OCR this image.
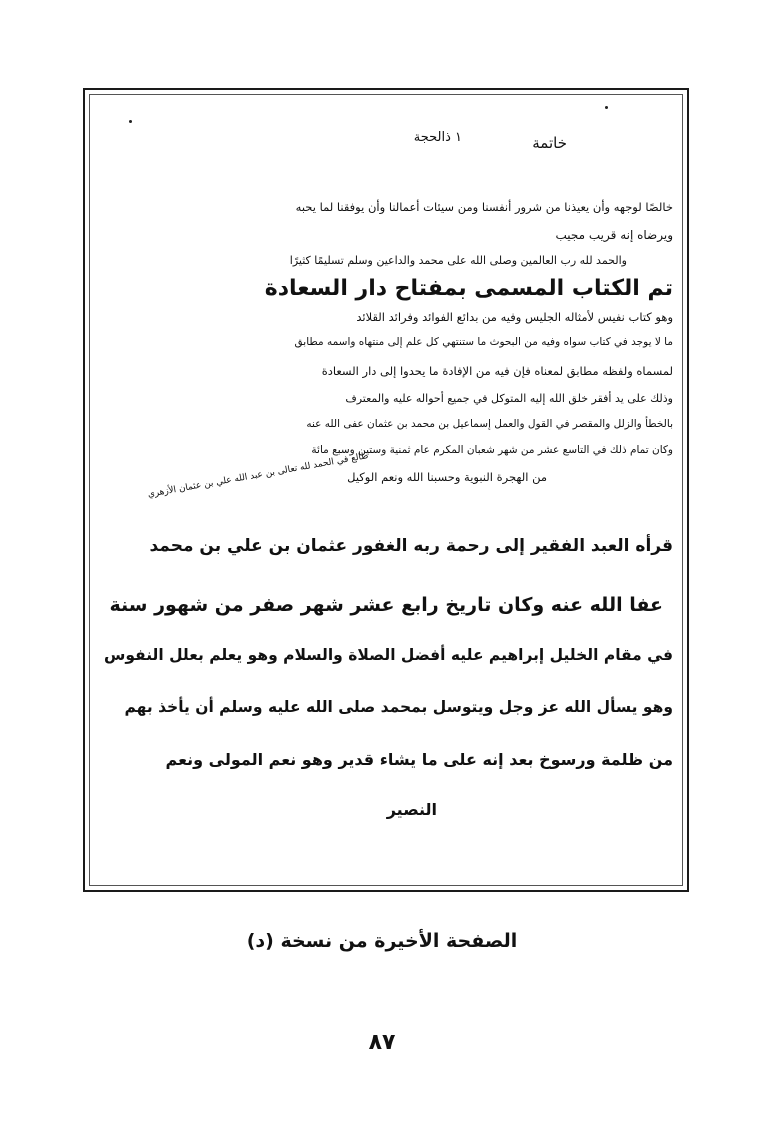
١ ذالحجة	خاتمة
خالصًا لوجهه وأن يعيذنا من شرور أنفسنا ومن سيئات أعمالنا وأن يوفقنا لما يحبه
ويرضاه إنه قريب مجيب
والحمد لله رب العالمين وصلى الله على محمد والداعين وسلم تسليمًا كثيرًا
تم الكتاب المسمى بمفتاح دار السعادة
وهو كتاب نفيس لأمثاله الجليس وفيه من بدائع الفوائد وفرائد القلائد
ما لا يوجد في كتاب سواه وفيه من البحوث ما ستنتهي كل علم إلى منتهاه واسمه مطابق
لمسماه ولفظه مطابق لمعناه فإن فيه من الإفادة ما يحدوا إلى دار السعادة
وذلك على يد أفقر خلق الله إليه المتوكل في جميع أحواله عليه والمعترف
بالخطأ والزلل والمقصر في القول والعمل إسماعيل بن محمد بن عثمان عفى الله عنه
وكان تمام ذلك في التاسع عشر من شهر شعبان المكرم عام ثمنية وستين وسبع مائة
من الهجرة النبوية وحسبنا الله ونعم الوكيل
طالع في الحمد لله تعالى بن عبد الله علي بن عثمان الأزهري
قرأه العبد الفقير إلى رحمة ربه الغفور عثمان بن علي بن محمد
عفا الله عنه وكان تاريخ رابع عشر شهر صفر من شهور سنة
في مقام الخليل إبراهيم عليه أفضل الصلاة والسلام وهو يعلم بعلل النفوس
وهو يسأل الله عز وجل ويتوسل بمحمد صلى الله عليه وسلم أن يأخذ بهم
من ظلمة ورسوخ بعد إنه على ما يشاء قدير وهو نعم المولى ونعم
النصير
الصفحة الأخيرة من نسخة (د)
٨٧
